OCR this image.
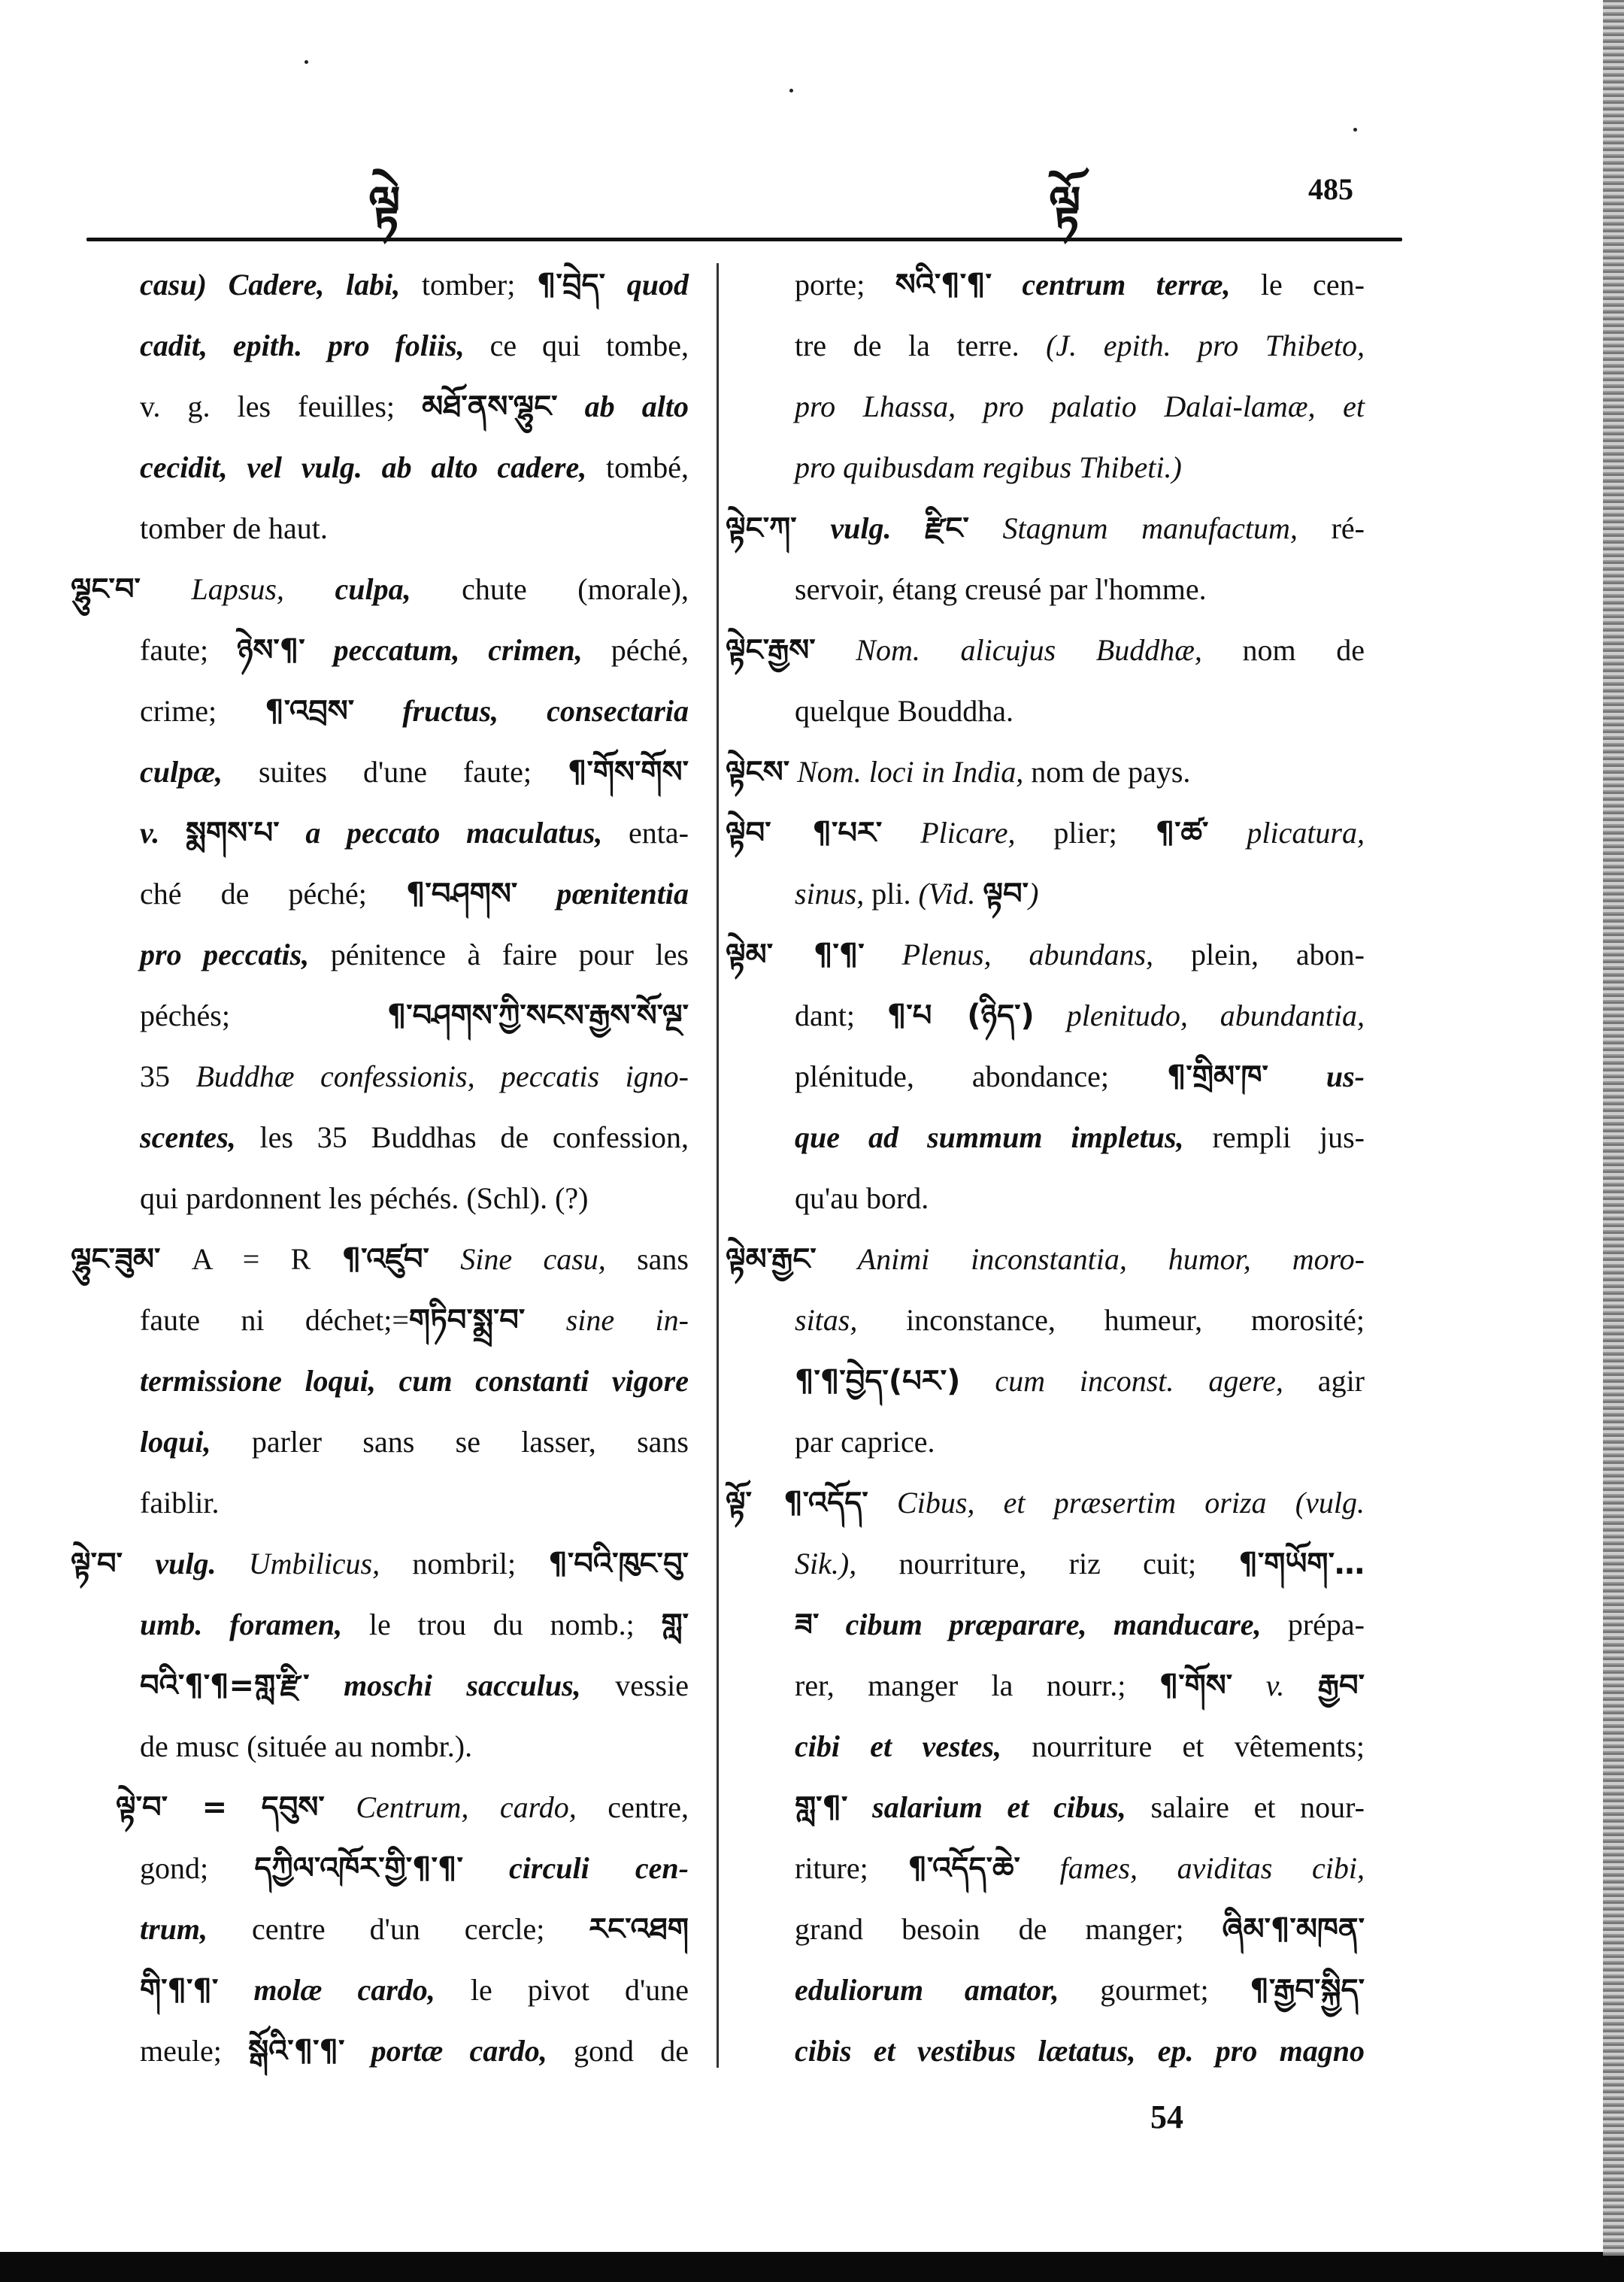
ལྟེ	ལྟོ	485
casu) Cadere, labi, tomber; ¶་བྲེད་ quod
cadit, epith. pro foliis, ce qui tombe,
v. g. les feuilles; མཐོ་ནས་ལྷུང་ ab alto
cecidit, vel vulg. ab alto cadere, tombé,
tomber de haut.
ལྷུང་བ་ Lapsus, culpa, chute (morale),
faute; ཉེས་¶་ peccatum, crimen, péché,
crime; ¶་འབྲས་ fructus, consectaria
culpæ, suites d'une faute; ¶་གོས་གོས་
v. སྨགས་པ་ a peccato maculatus, enta-
ché de péché; ¶་བཤགས་ pœnitentia
pro peccatis, pénitence à faire pour les
péchés; ¶་བཤགས་ཀྱི་སངས་རྒྱས་སོ་ལྔ་
35 Buddhæ confessionis, peccatis igno-
scentes, les 35 Buddhas de confession,
qui pardonnent les péchés. (Schl). (?)
ལྷུང་ཟུམ་ A = R ¶་འཛུབ་ Sine casu, sans
faute ni déchet;=གཏིབ་སྨྲ་བ་ sine in-
termissione loqui, cum constanti vigore
loqui, parler sans se lasser, sans
faiblir.
ལྟེ་བ་ vulg. Umbilicus, nombril; ¶་བའི་ཁུང་བུ་
umb. foramen, le trou du nomb.; གླ་
བའི་¶་¶=གླ་རྫི་ moschi sacculus, vessie
de musc (située au nombr.).
ལྟེ་བ་ = དབུས་ Centrum, cardo, centre,
gond; དཀྱིལ་འཁོར་གྱི་¶་¶་ circuli cen-
trum, centre d'un cercle; རང་འཐག
གི་¶་¶་ molæ cardo, le pivot d'une
meule; སྒོའི་¶་¶་ portæ cardo, gond de
porte; སའི་¶་¶་ centrum terræ, le cen-
tre de la terre. (J. epith. pro Thibeto,
pro Lhassa, pro palatio Dalai-lamæ, et
pro quibusdam regibus Thibeti.)
ལྟེང་ཀ་ vulg. རྫིང་ Stagnum manufactum, ré-
servoir, étang creusé par l'homme.
ལྟེང་རྒྱས་ Nom. alicujus Buddhæ, nom de
quelque Bouddha.
ལྟེངས་ Nom. loci in India, nom de pays.
ལྟེབ་ ¶་པར་ Plicare, plier; ¶་ཚ་ plicatura,
sinus, pli. (Vid. ལྟབ་)
ལྟེམ་ ¶་¶་ Plenus, abundans, plein, abon-
dant; ¶་པ (ཉིད་) plenitudo, abundantia,
plénitude, abondance; ¶་གྲིམ་ཁ་ us-
que ad summum impletus, rempli jus-
qu'au bord.
ལྟེམ་རྒྱང་ Animi inconstantia, humor, moro-
sitas, inconstance, humeur, morosité;
¶་¶་བྱེད་(པར་) cum inconst. agere, agir
par caprice.
ལྟོ་ ¶་འདོད་ Cibus, et præsertim oriza (vulg.
Sik.), nourriture, riz cuit; ¶་གཡོག་…
ཟ་ cibum præparare, manducare, prépa-
rer, manger la nourr.; ¶་གོས་ v. རྒྱབ་
cibi et vestes, nourriture et vêtements;
གླ་¶་ salarium et cibus, salaire et nour-
riture; ¶་འདོད་ཆེ་ fames, aviditas cibi,
grand besoin de manger; ཞིམ་¶་མཁན་
eduliorum amator, gourmet; ¶་རྒྱབ་སྐྱིད་
cibis et vestibus lætatus, ep. pro magno
54
